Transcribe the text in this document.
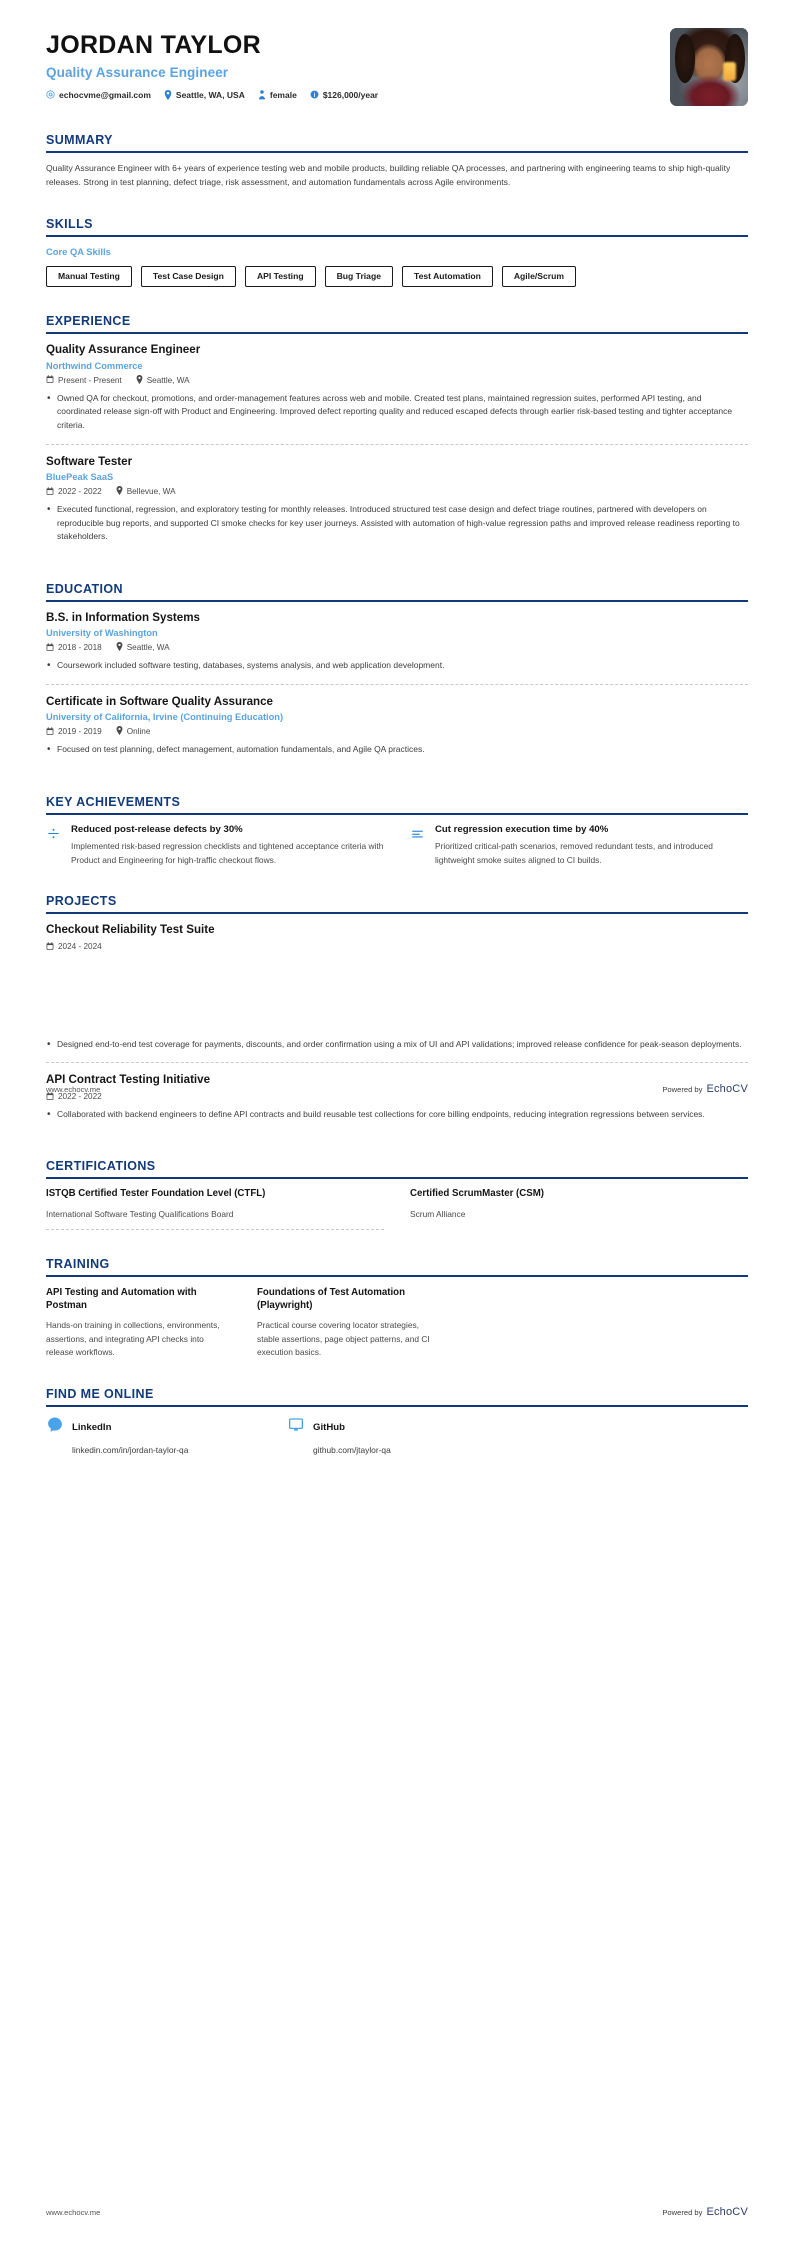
JORDAN TAYLOR
Quality Assurance Engineer
echocvme@gmail.com	Seattle, WA, USA	female i $126,000/year
SUMMARY
Quality Assurance Engineer with 6+ years of experience testing web and mobile products, building reliable QA processes, and partnering with engineering teams to ship high-quality releases. Strong in test planning, defect triage, risk assessment, and automation fundamentals across Agile environments.
SKILLS
Core QA Skills
Manual Testing	Test Case Design	API Testing	Bug Triage	Test Automation	Agile/Scrum
EXPERIENCE
Quality Assurance Engineer
Northwind Commerce
Present - Present	Seattle, WA
• Owned QA for checkout, promotions, and order-management features across web and mobile. Created test plans, maintained regression suites, performed API testing, and coordinated release sign-off with Product and Engineering. Improved defect reporting quality and reduced escaped defects through earlier risk-based testing and tighter acceptance criteria.
Software Tester
BluePeak SaaS
2022 - 2022	Bellevue, WA
• Executed functional, regression, and exploratory testing for monthly releases. Introduced structured test case design and defect triage routines, partnered with developers on reproducible bug reports, and supported CI smoke checks for key user journeys. Assisted with automation of high-value regression paths and improved release readiness reporting to stakeholders.
EDUCATION
B.S. in Information Systems
University of Washington
2018 - 2018	Seattle, WA
• Coursework included software testing, databases, systems analysis, and web application development.
Certificate in Software Quality Assurance
University of California, Irvine (Continuing Education)
2019 - 2019	Online
• Focused on test planning, defect management, automation fundamentals, and Agile QA practices.
KEY ACHIEVEMENTS
Reduced post-release defects by 30%
Implemented risk-based regression checklists and tightened acceptance criteria with Product and Engineering for high-traffic checkout flows.
Cut regression execution time by 40%
Prioritized critical-path scenarios, removed redundant tests, and introduced lightweight smoke suites aligned to CI builds.
PROJECTS
Checkout Reliability Test Suite
2024 - 2024
• Designed end-to-end test coverage for payments, discounts, and order confirmation using a mix of UI and API validations; improved release confidence for peak-season deployments.
API Contract Testing Initiative
2022 - 2022
• Collaborated with backend engineers to define API contracts and build reusable test collections for core billing endpoints, reducing integration regressions between services.
CERTIFICATIONS
ISTQB Certified Tester Foundation Level (CTFL)
International Software Testing Qualifications Board
Certified ScrumMaster (CSM)
Scrum Alliance
TRAINING
API Testing and Automation with Postman
Hands-on training in collections, environments, assertions, and integrating API checks into release workflows.
Foundations of Test Automation (Playwright)
Practical course covering locator strategies, stable assertions, page object patterns, and CI execution basics.
FIND ME ONLINE
LinkedIn
linkedin.com/in/jordan-taylor-qa
GitHub
github.com/jtaylor-qa
www.echocv.me	Powered by EchoCV
www.echocv.me	Powered by EchoCV
